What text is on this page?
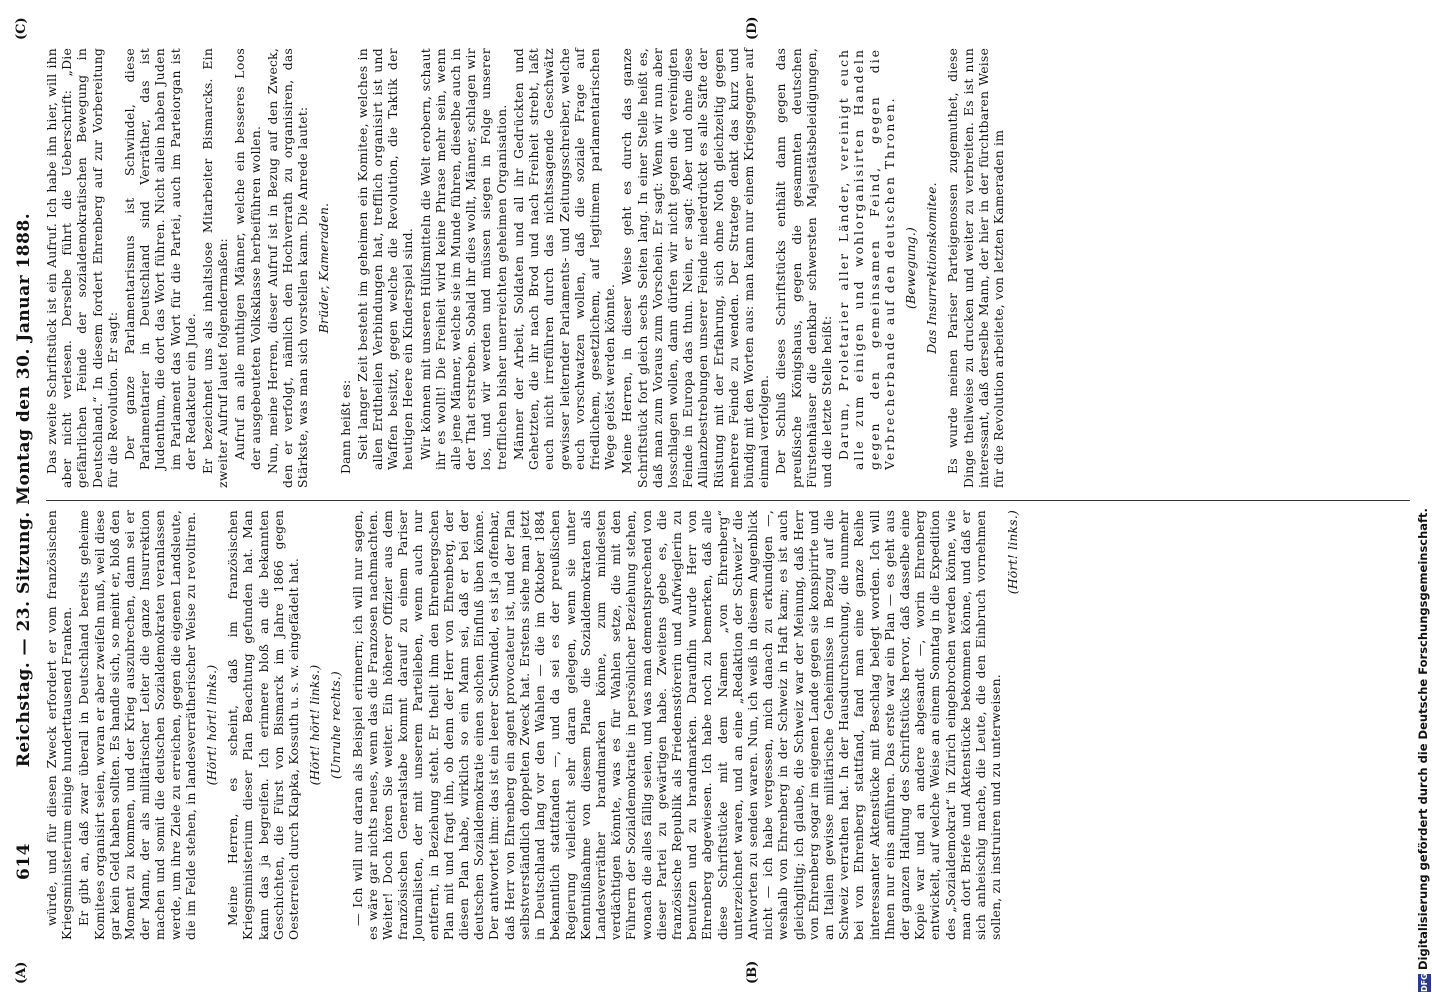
614
Reichstag. — 23. Sitzung. Montag den 30. Januar 1888.
(A)	(B)
(C)	(D)
würde, und für diesen Zweck erfordert er vom französischen Kriegsministerium einige hunderttausend Franken. Er gibt an, daß zwar überall in Deutschland bereits geheime Komitees organisirt seien, woran er aber zweifeln muß, weil diese gar kein Geld haben sollten. Es handle sich, so meint er, bloß den Moment zu kommen, und der Krieg auszubrechen, dann sei er der Mann, der als militärischer Leiter die ganze Insurrektion machen und somit die deutschen Sozialdemokraten veranlassen werde, um ihre Ziele zu erreichen, gegen die eigenen Landsleute, die im Felde stehen, in landesverrätherischer Weise zu revoltiren. (Hört! hört! links.) Meine Herren, es scheint, daß im französischen Kriegsministerium dieser Plan Beachtung gefunden hat. Man kann das ja begreifen. Ich erinnere bloß an die bekannten Geschichten, die Fürst von Bismarck im Jahre 1866 gegen Oesterreich durch Klapka, Kossuth u. s. w. eingefädelt hat. (Hört! hört! links.) (Unruhe rechts.) — Ich will nur daran als Beispiel erinnern; ich will nur sagen, es wäre gar nichts neues, wenn das die Franzosen nachmachten. Weiter! Doch hören Sie weiter. Ein höherer Offizier aus dem französischen Generalstabe kommt darauf zu einem Pariser Journalisten, der mit unserem Parteileben, wenn auch nur entfernt, in Beziehung steht. Er theilt ihm den Ehrenbergschen Plan mit und fragt ihn, ob denn der Herr von Ehrenberg, der diesen Plan habe, wirklich so ein Mann sei, daß er bei der deutschen Sozialdemokratie einen solchen Einfluß üben könne. Der antwortet ihm: das ist ein leerer Schwindel, es ist ja offenbar, daß Herr von Ehrenberg ein agent provocateur ist, und der Plan selbstverständlich doppelten Zweck hat. Erstens siehe man jetzt in Deutschland lang vor den Wahlen — die im Oktober 1884 bekanntlich stattfanden —, und da sei es der preußischen Regierung vielleicht sehr daran gelegen, wenn sie unter Kenntnißnahme von diesem Plane die Sozialdemokraten als Landesverräther brandmarken könne, zum mindesten verdächtigen könnte, was es für Wahlen setze, die mit den Führern der Sozialdemokratie in persönlicher Beziehung stehen, wonach die alles fällig seien, und was man dementsprechend von dieser Partei zu gewärtigen habe. Zweitens gebe es, die französische Republik als Friedensstörerin und Aufwieglerin zu benutzen und zu brandmarken. Daraufhin wurde Herr von Ehrenberg abgewiesen. Ich habe noch zu bemerken, daß alle diese Schriftstücke mit dem Namen „von Ehrenberg“ unterzeichnet waren, und an eine „Redaktion der Schweiz“ die Antworten zu senden waren. Nun, ich weiß in diesem Augenblick nicht — ich habe vergessen, mich danach zu erkundigen —, weshalb von Ehrenberg in der Schweiz in Haft kam; es ist auch gleichgiltig; ich glaube, die Schweiz war der Meinung, daß Herr von Ehrenberg sogar im eigenen Lande gegen sie konspirirte und an Italien gewisse militärische Geheimnisse in Bezug auf die Schweiz verrathen hat. In der Hausdurchsuchung, die nunmehr bei von Ehrenberg stattfand, fand man eine ganze Reihe interessanter Aktenstücke mit Beschlag belegt worden. Ich will Ihnen nur eins anführen. Das erste war ein Plan — es geht aus der ganzen Haltung des Schriftstücks hervor, daß dasselbe eine Kopie war und an andere abgesandt —, worin Ehrenberg entwickelt, auf welche Weise an einem Sonntag in die Expedition des „Sozialdemokrat“ in Zürich eingebrochen werden könne, wie man dort Briefe und Aktenstücke bekommen könne, und daß er sich anheischig mache, die Leute, die den Einbruch vornehmen sollen, zu instruiren und zu unterweisen.
(Hört! links.)
Das zweite Schriftstück ist ein Aufruf. Ich habe ihn hier, will ihn aber nicht verlesen. Derselbe führt die Ueberschrift: „Die gefährlichen Feinde der sozialdemokratischen Bewegung in Deutschland.“ In diesem fordert Ehrenberg auf zur Vorbereitung für die Revolution. Er sagt: Der ganze Parlamentarismus ist Schwindel, diese Parlamentarier in Deutschland sind Verräther, das ist Judenthum, die dort das Wort führen. Nicht allein haben Juden im Parlament das Wort für die Partei, auch im Parteiorgan ist der Redakteur ein Jude. Er bezeichnet uns als inhaltslose Mitarbeiter Bismarcks. Ein zweiter Aufruf lautet folgendermaßen: Aufruf an alle muthigen Männer, welche ein besseres Loos der ausgebeuteten Volksklasse herbeiführen wollen. Nun, meine Herren, dieser Aufruf ist in Bezug auf den Zweck, den er verfolgt, nämlich den Hochverrath zu organisiren, das Stärkste, was man sich vorstellen kann. Die Anrede lautet: Brüder, Kameraden.
Dann heißt es: Seit langer Zeit besteht im geheimen ein Komitee, welches in allen Erdtheilen Verbindungen hat, trefflich organisirt ist und Waffen besitzt, gegen welche die Revolution, die Taktik der heutigen Heere ein Kinderspiel sind. Wir können mit unseren Hülfsmitteln die Welt erobern, schaut ihr es wollt! Die Freiheit wird keine Phrase mehr sein, wenn alle jene Männer, welche sie im Munde führen, dieselbe auch in der That erstreben. Sobald ihr dies wollt, Männer, schlagen wir los, und wir werden und müssen siegen in Folge unserer trefflichen bisher unerreichten geheimen Organisation. Männer der Arbeit, Soldaten und all ihr Gedrückten und Gehetzten, die ihr nach Brod und nach Freiheit strebt, laßt euch nicht irreführen durch das nichtssagende Geschwätz gewisser leiternder Parlaments- und Zeitungsschreiber, welche euch vorschwatzen wollen, daß die soziale Frage auf friedlichem, gesetzlichem, auf legitimem parlamentarischen Wege gelöst werden könnte. Meine Herren, in dieser Weise geht es durch das ganze Schriftstück fort gleich sechs Seiten lang. In einer Stelle heißt es, daß man zum Voraus zum Vorschein. Er sagt: Wenn wir nun aber losschlagen wollen, dann dürfen wir nicht gegen die vereinigten Feinde in Europa das thun. Nein, er sagt: Aber und ohne diese Allianzbestrebungen unserer Feinde niederdrückt es alle Säfte der Rüstung mit der Erfahrung, sich ohne Noth gleichzeitig gegen mehrere Feinde zu wenden. Der Stratege denkt das kurz und bündig mit den Worten aus: man kann nur einem Kriegsgegner auf einmal verfolgen. Der Schluß dieses Schriftstücks enthält dann gegen das preußische Königshaus, gegen die gesammten deutschen Fürstenhäuser die denkbar schwersten Majestätsbeleidigungen, und die letzte Stelle heißt: Darum, Proletarier aller Länder, vereinigt euch alle zum einigen und wohlorganisirten Handeln gegen den gemeinsamen Feind, gegen die Verbrecherbande auf den deutschen Thronen. (Bewegung.) Das Insurrektionskomitee. Es wurde meinen Pariser Parteigenossen zugemuthet, diese Dinge theilweise zu drucken und weiter zu verbreiten. Es ist nun interessant, daß derselbe Mann, der hier in der fürchtbaren Weise für die Revolution arbeitete, von letzten Kameraden im
DFG
Digitalisierung gefördert durch die Deutsche Forschungsgemeinschaft.
